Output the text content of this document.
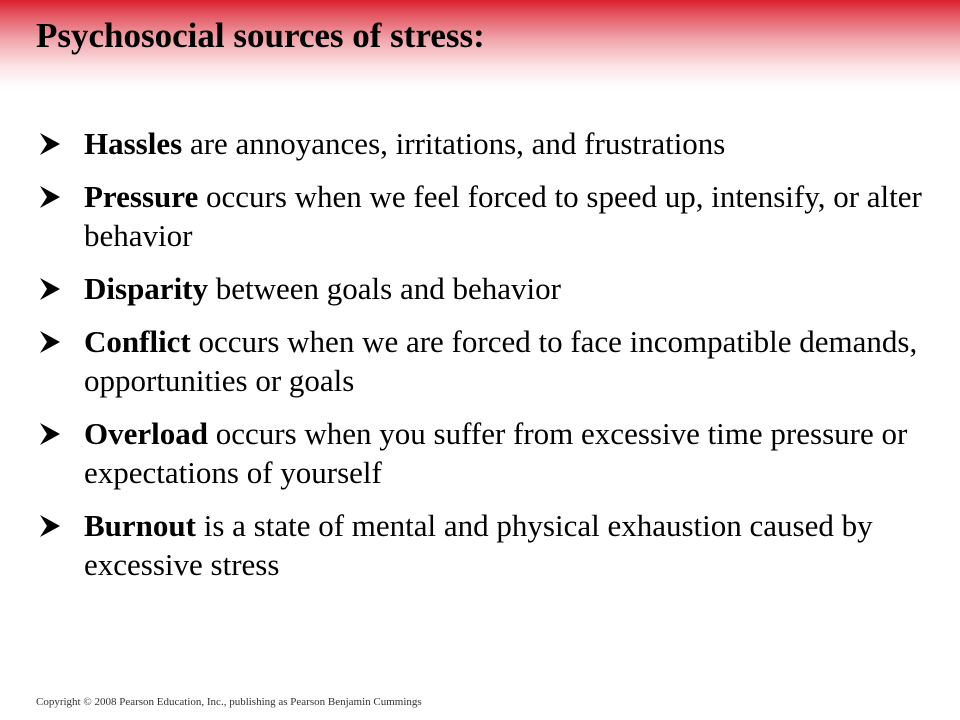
Psychosocial sources of stress:
Hassles are annoyances, irritations, and frustrations
Pressure occurs when we feel forced to speed up, intensify, or alter behavior
Disparity between goals and behavior
Conflict occurs when we are forced to face incompatible demands, opportunities or goals
Overload occurs when you suffer from excessive time pressure or expectations of yourself
Burnout is a state of mental and physical exhaustion caused by excessive stress

Copyright © 2008 Pearson Education, Inc., publishing as Pearson Benjamin Cummings
